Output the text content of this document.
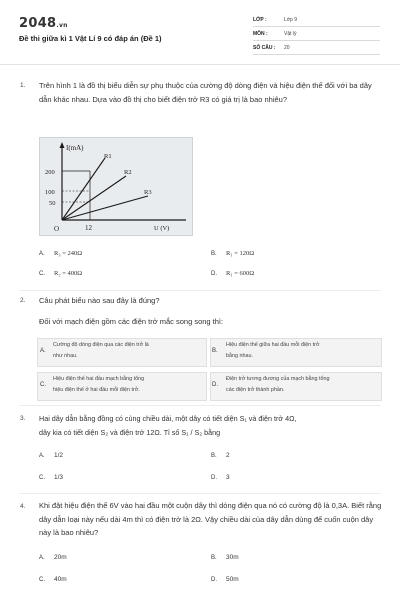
2048.vn
Đề thi giữa kì 1 Vật Lí 9 có đáp án (Đề 1)
LỚP :	Lớp 9
MÔN :	Vật lý
SỐ CÂU : 20
1. Trên hình 1 là đồ thị biểu diễn sự phụ thuộc của cường độ dòng điện và hiệu điện thế đối với ba dây dẫn khác nhau. Dựa vào đồ thị cho biết điện trở R3 có giá trị là bao nhiêu?
I(mA)
U (V)
O	12
200
100
50
R1
R2
R3
A. R₃ = 240Ω	B. R₁ = 120Ω
C. R₂ = 400Ω	D. R₁ = 600Ω
2. Câu phát biểu nào sau đây là đúng?
Đối với mạch điện gồm các điện trở mắc song song thì:
A.
Cường độ dòng điện qua các điện trở là
như nhau.
B.
Hiệu điện thế giữa hai đầu mỗi điện trở
bằng nhau.
C.
Hiệu điện thế hai đầu mạch bằng tổng
hiệu điện thế ở hai đầu mỗi điện trở.
D.
Điện trở tương đương của mạch bằng tổng
các điện trở thành phần.
3. Hai dây dẫn bằng đồng có cùng chiều dài, một dây có tiết diện S₁ và điện trở 4Ω,
dây kia có tiết diện S₂ và điện trở 12Ω. Tỉ số S₁ / S₂ bằng
A. 1/2	B. 2
C. 1/3	D. 3
4. Khi đặt hiệu điện thế 6V vào hai đầu một cuộn dây thì dòng điện qua nó có cường độ là 0,3A. Biết rằng dây dẫn loại này nếu dài 4m thì có điện trở là 2Ω. Vậy chiều dài của dây dẫn dùng để cuốn cuộn dây này là bao nhiêu?
A. 20m	B. 30m
C. 40m	D. 50m
